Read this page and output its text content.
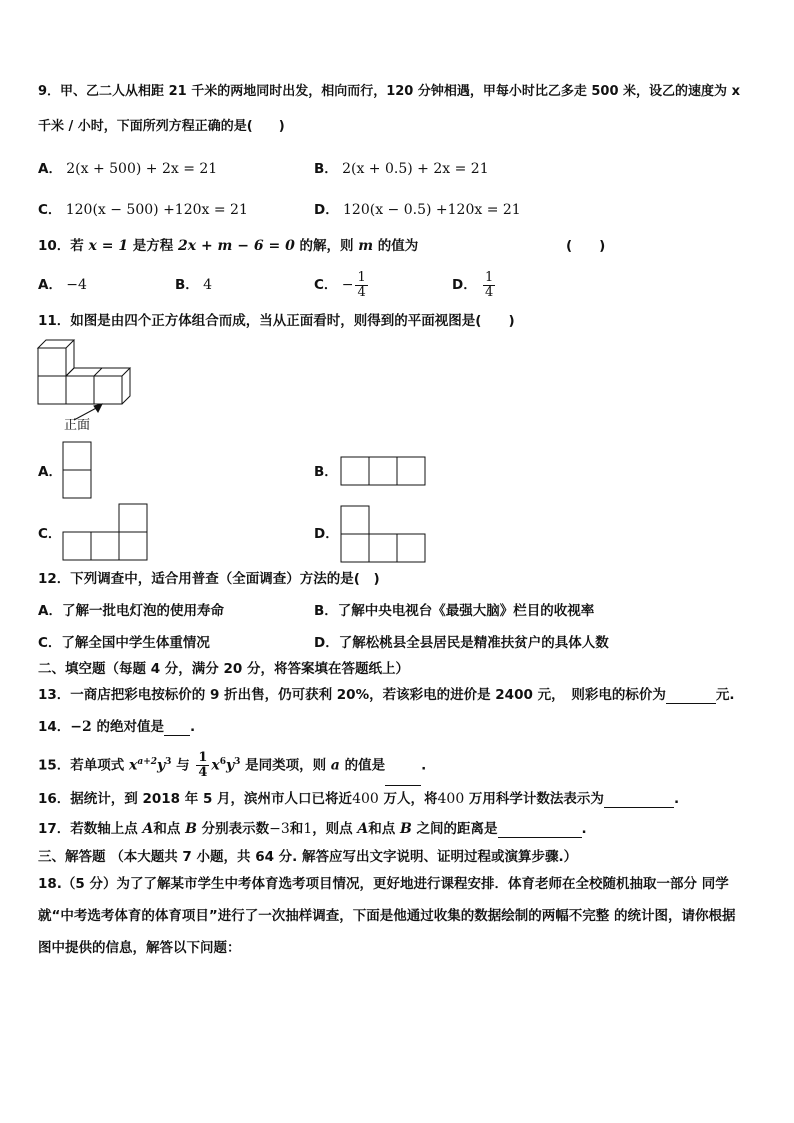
9．甲、乙二人从相距 21 千米的两地同时出发，相向而行，120 分钟相遇，甲每小时比乙多走 500 米，设乙的速度为 x
千米 / 小时，下面所列方程正确的是(　　)
A． 2(x + 500) + 2x = 21	B． 2(x + 0.5) + 2x = 21
C． 120(x − 500) +120x = 21	D． 120(x − 0.5) +120x = 21
10．若 x = 1 是方程 2x + m − 6 = 0 的解，则 m 的值为	(　　)
A． −4	B． 4	C． − $\frac{1}{4}$	D． $\frac{1}{4}$
11．如图是由四个正方体组合而成，当从正面看时，则得到的平面视图是(　　)
正面
A．	B．
C．	D．
12．下列调查中，适合用普查（全面调查）方法的是(　)
A．了解一批电灯泡的使用寿命	B．了解中央电视台《最强大脑》栏目的收视率
C．了解全国中学生体重情况	D．了解松桃县全县居民是精准扶贫户的具体人数
二、填空题（每题 4 分，满分 20 分，将答案填在答题纸上）
13．一商店把彩电按标价的 9 折出售，仍可获利 20%，若该彩电的进价是 2400 元，　则彩电的标价为	元.
14．−2 的绝对值是 .
15．若单项式 $x^{a+2}y^3$ 与 $\frac{1}{4} x^6y^3$ 是同类项，则 a 的值是	.
16．据统计，到 2018 年 5 月，滨州市人口已将近400 万人，将400 万用科学计数法表示为	.
17．若数轴上点 A和点 B 分别表示数−3和1，则点 A和点 B 之间的距离是	.
三、解答题 （本大题共 7 小题，共 64 分. 解答应写出文字说明、证明过程或演算步骤.）
18.（5 分）为了了解某市学生中考体育选考项目情况，更好地进行课程安排．体育老师在全校随机抽取一部分 同学
就“中考选考体育的体育项目”进行了一次抽样调查，下面是他通过收集的数据绘制的两幅不完整 的统计图，请你根据
图中提供的信息，解答以下问题：
